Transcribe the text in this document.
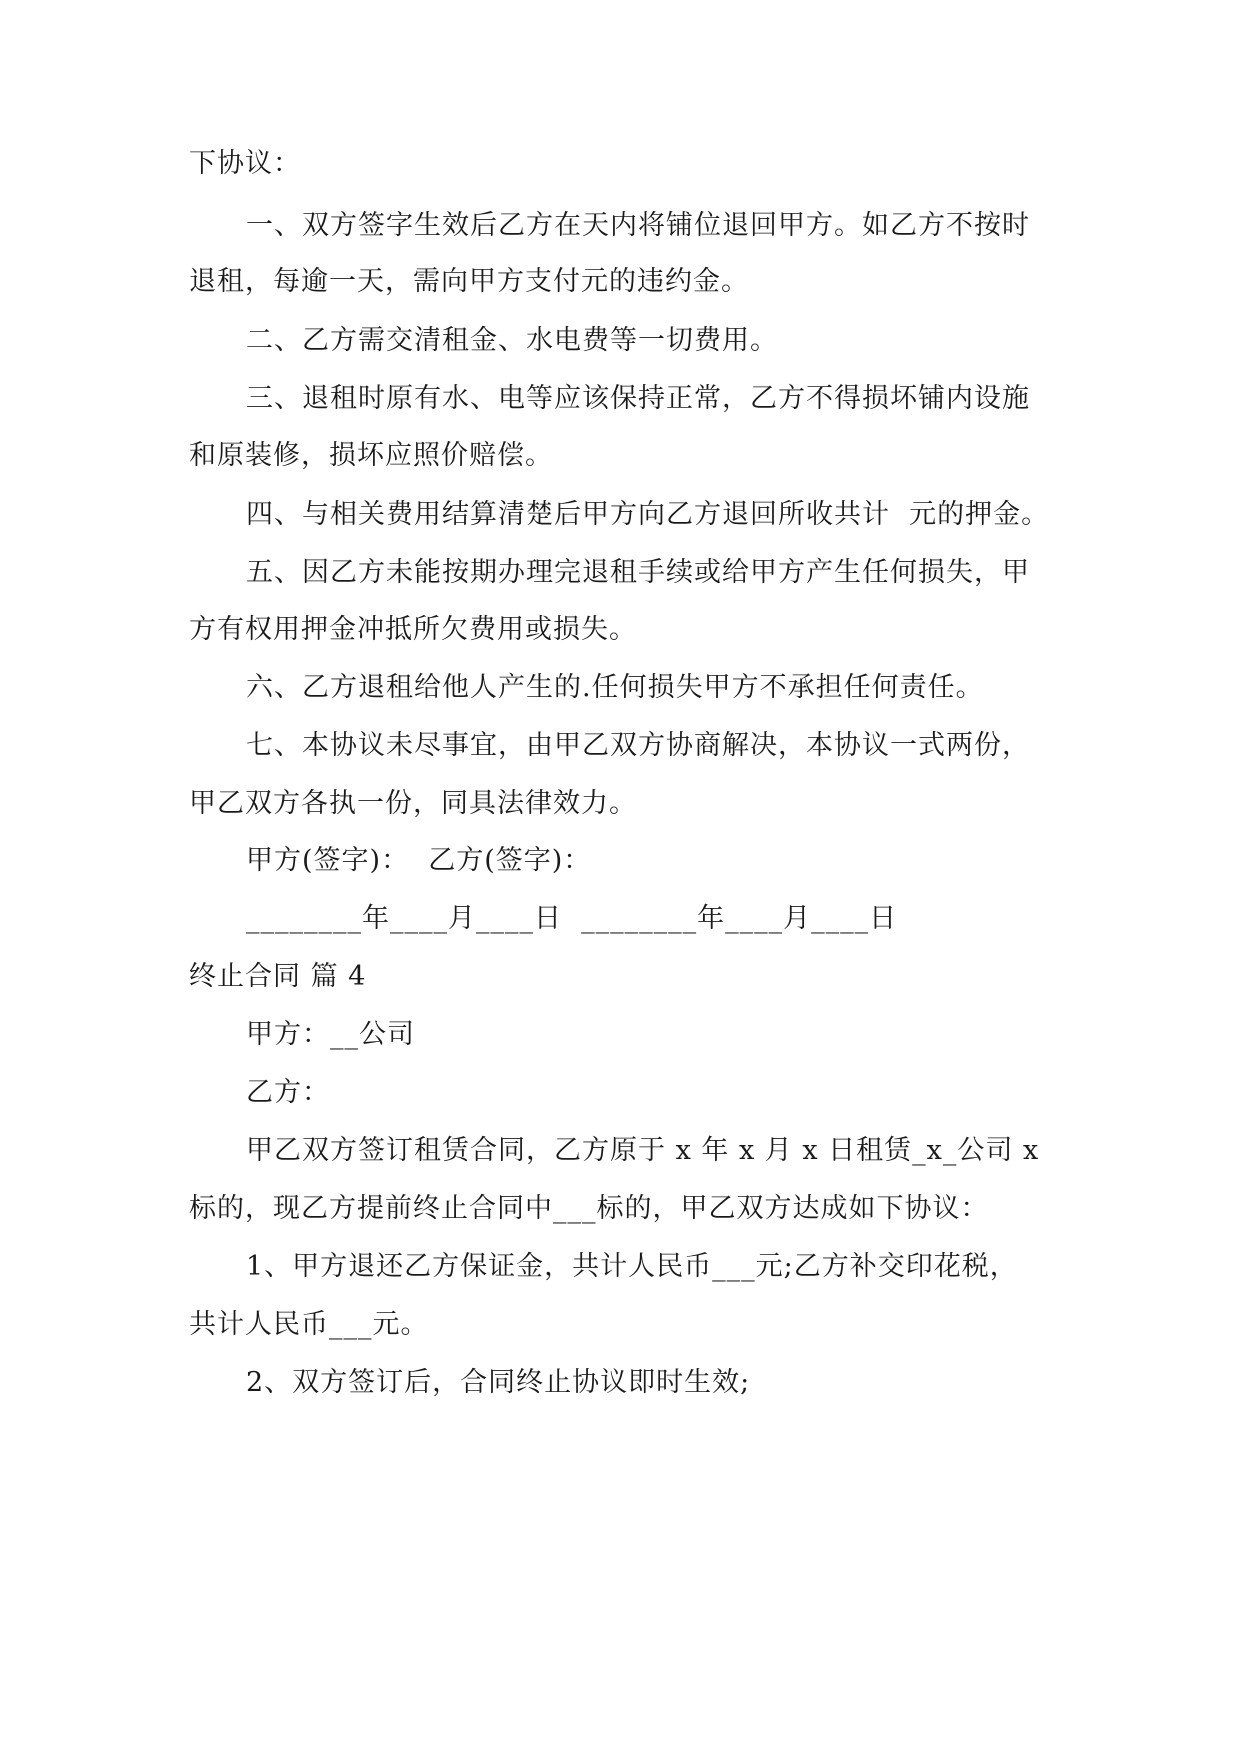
下协议：
一、双方签字生效后乙方在天内将铺位退回甲方。如乙方不按时
退租，每逾一天，需向甲方支付元的违约金。
二、乙方需交清租金、水电费等一切费用。
三、退租时原有水、电等应该保持正常，乙方不得损坏铺内设施
和原装修，损坏应照价赔偿。
四、与相关费用结算清楚后甲方向乙方退回所收共计  元的押金。
五、因乙方未能按期办理完退租手续或给甲方产生任何损失，甲
方有权用押金冲抵所欠费用或损失。
六、乙方退租给他人产生的.任何损失甲方不承担任何责任。
七、本协议未尽事宜，由甲乙双方协商解决，本协议一式两份，
甲乙双方各执一份，同具法律效力。
甲方(签字)：  乙方(签字)：
________年____月____日  ________年____月____日
终止合同 篇 4
甲方：__公司
乙方：
甲乙双方签订租赁合同，乙方原于 x 年 x 月 x 日租赁_x_公司 x
标的，现乙方提前终止合同中___标的，甲乙双方达成如下协议：
1、甲方退还乙方保证金，共计人民币___元;乙方补交印花税，
共计人民币___元。
2、双方签订后，合同终止协议即时生效;
